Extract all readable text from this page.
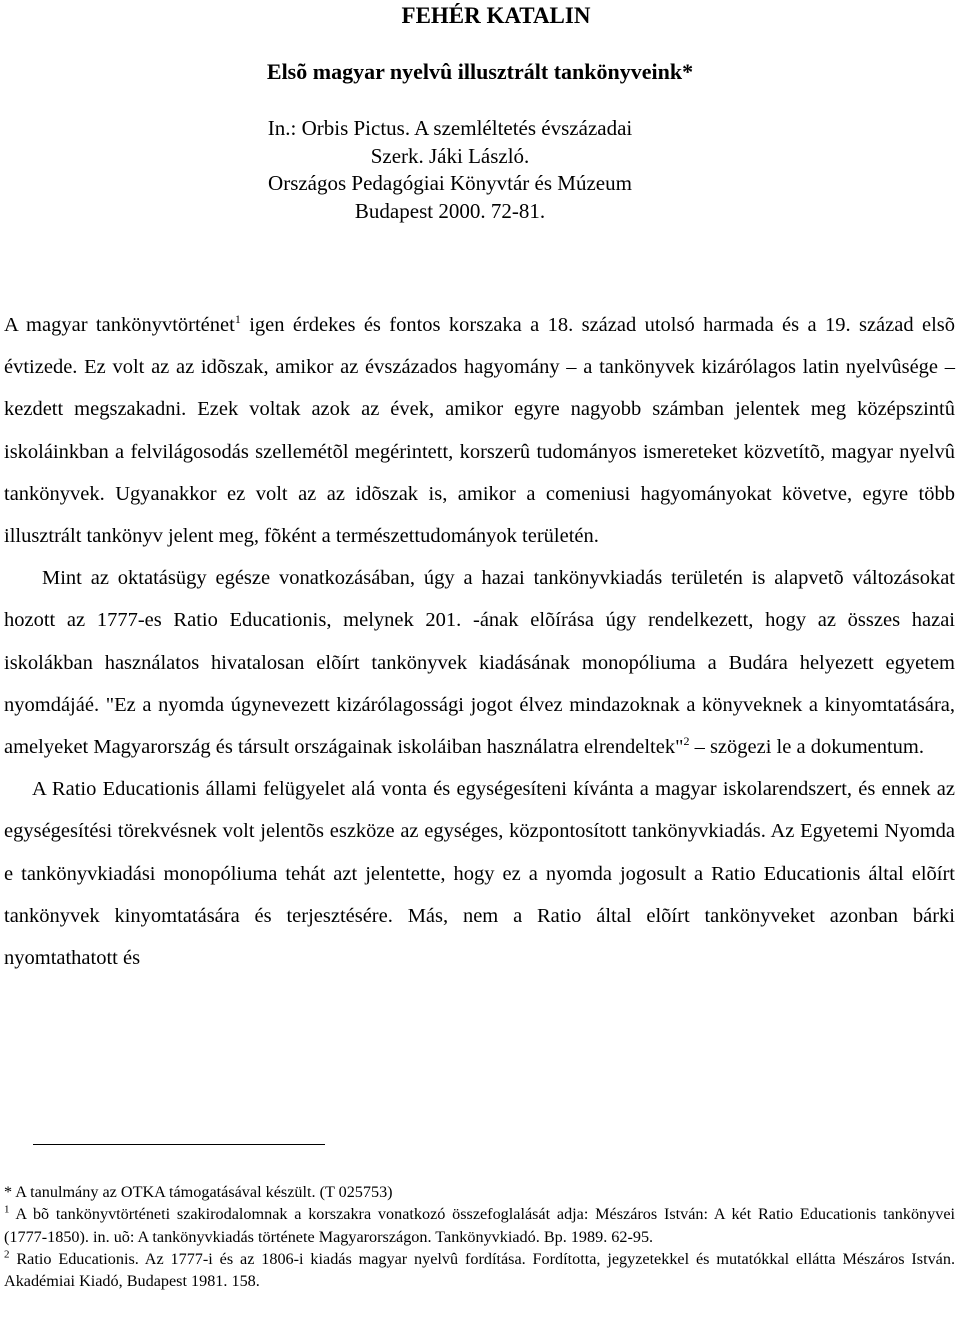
FEHÉR KATALIN
Elsõ magyar nyelvû illusztrált tankönyveink*
In.: Orbis Pictus. A szemléltetés évszázadai
Szerk. Jáki László.
Országos Pedagógiai Könyvtár és Múzeum
Budapest 2000. 72-81.

A magyar tankönyvtörténet$^1$ igen érdekes és fontos korszaka a 18. század utolsó harmada és a 19. század elsõ évtizede. Ez volt az az idõszak, amikor az évszázados hagyomány – a tankönyvek kizárólagos latin nyelvûsége – kezdett megszakadni. Ezek voltak azok az évek, amikor egyre nagyobb számban jelentek meg középszintû iskoláinkban a felvilágosodás szellemétõl megérintett, korszerû tudományos ismereteket közvetítõ, magyar nyelvû tankönyvek. Ugyanakkor ez volt az az idõszak is, amikor a comeniusi hagyományokat követve, egyre több illusztrált tankönyv jelent meg, fõként a természettudományok területén.

Mint az oktatásügy egésze vonatkozásában, úgy a hazai tankönyvkiadás területén is alapvetõ változásokat hozott az 1777-es Ratio Educationis, melynek 201. -ának elõírása úgy rendelkezett, hogy az összes hazai iskolákban használatos hivatalosan elõírt tankönyvek kiadásának monopóliuma a Budára helyezett egyetem nyomdájáé. "Ez a nyomda úgynevezett kizárólagossági jogot élvez mindazoknak a könyveknek a kinyomtatására, amelyeket Magyarország és társult országainak iskoláiban használatra elrendeltek"$^2$ – szögezi le a dokumentum.

A Ratio Educationis állami felügyelet alá vonta és egységesíteni kívánta a magyar iskolarendszert, és ennek az egységesítési törekvésnek volt jelentõs eszköze az egységes, központosított tankönyvkiadás. Az Egyetemi Nyomda e tankönyvkiadási monopóliuma tehát azt jelentette, hogy ez a nyomda jogosult a Ratio Educationis által elõírt tankönyvek kinyomtatására és terjesztésére. Más, nem a Ratio által elõírt tankönyveket azonban bárki nyomtathatott és

* A tanulmány az OTKA támogatásával készült. (T 025753)

$^1$ A bõ tankönyvtörténeti szakirodalomnak a korszakra vonatkozó összefoglalását adja: Mészáros István: A két Ratio Educationis tankönyvei (1777-1850). in. uõ: A tankönyvkiadás története Magyarországon. Tankönyvkiadó. Bp. 1989. 62-95.

$^2$ Ratio Educationis. Az 1777-i és az 1806-i kiadás magyar nyelvû fordítása. Fordította, jegyzetekkel és mutatókkal ellátta Mészáros István. Akadémiai Kiadó, Budapest 1981. 158.
